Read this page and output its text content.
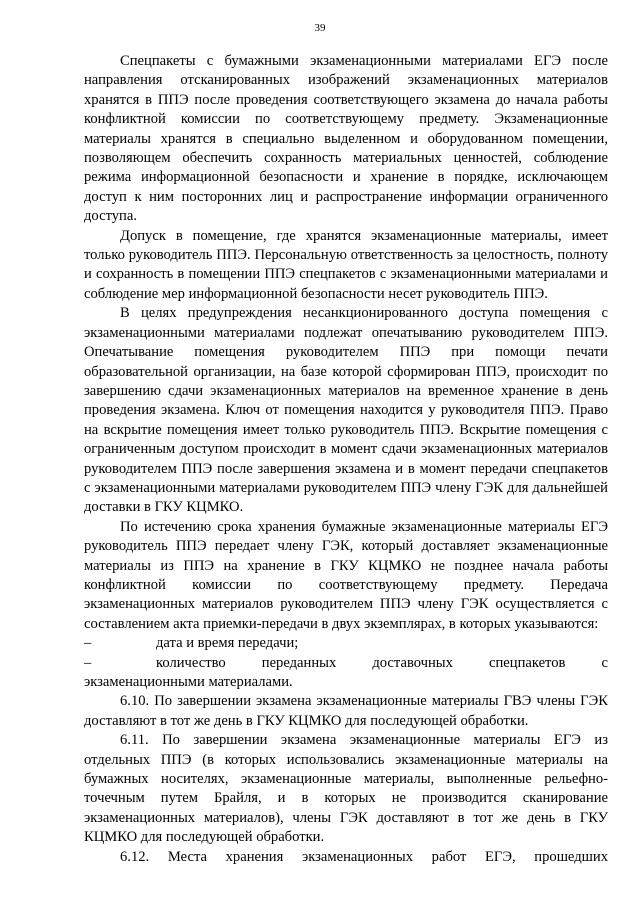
39

Спецпакеты с бумажными экзаменационными материалами ЕГЭ после направления отсканированных изображений экзаменационных материалов хранятся в ППЭ после проведения соответствующего экзамена до начала работы конфликтной комиссии по соответствующему предмету. Экзаменационные материалы хранятся в специально выделенном и оборудованном помещении, позволяющем обеспечить сохранность материальных ценностей, соблюдение режима информационной безопасности и хранение в порядке, исключающем доступ к ним посторонних лиц и распространение информации ограниченного доступа.

Допуск в помещение, где хранятся экзаменационные материалы, имеет только руководитель ППЭ. Персональную ответственность за целостность, полноту и сохранность в помещении ППЭ спецпакетов с экзаменационными материалами и соблюдение мер информационной безопасности несет руководитель ППЭ.

В целях предупреждения несанкционированного доступа помещения с экзаменационными материалами подлежат опечатыванию руководителем ППЭ. Опечатывание помещения руководителем ППЭ при помощи печати образовательной организации, на базе которой сформирован ППЭ, происходит по завершению сдачи экзаменационных материалов на временное хранение в день проведения экзамена. Ключ от помещения находится у руководителя ППЭ. Право на вскрытие помещения имеет только руководитель ППЭ. Вскрытие помещения с ограниченным доступом происходит в момент сдачи экзаменационных материалов руководителем ППЭ после завершения экзамена и в момент передачи спецпакетов с экзаменационными материалами руководителем ППЭ члену ГЭК для дальнейшей доставки в ГКУ КЦМКО.

По истечению срока хранения бумажные экзаменационные материалы ЕГЭ руководитель ППЭ передает члену ГЭК, который доставляет экзаменационные материалы из ППЭ на хранение в ГКУ КЦМКО не позднее начала работы конфликтной комиссии по соответствующему предмету. Передача экзаменационных материалов руководителем ППЭ члену ГЭК осуществляется с составлением акта приемки-передачи в двух экземплярах, в которых указываются:

–	дата и время передачи;
–	количество переданных доставочных спецпакетов с

экзаменационными материалами.

6.10. По завершении экзамена экзаменационные материалы ГВЭ члены ГЭК доставляют в тот же день в ГКУ КЦМКО для последующей обработки.

6.11. По завершении экзамена экзаменационные материалы ЕГЭ из отдельных ППЭ (в которых использовались экзаменационные материалы на бумажных носителях, экзаменационные материалы, выполненные рельефно-точечным путем Брайля, и в которых не производится сканирование экзаменационных материалов), члены ГЭК доставляют в тот же день в ГКУ КЦМКО для последующей обработки.

6.12. Места хранения экзаменационных работ ЕГЭ, прошедших
